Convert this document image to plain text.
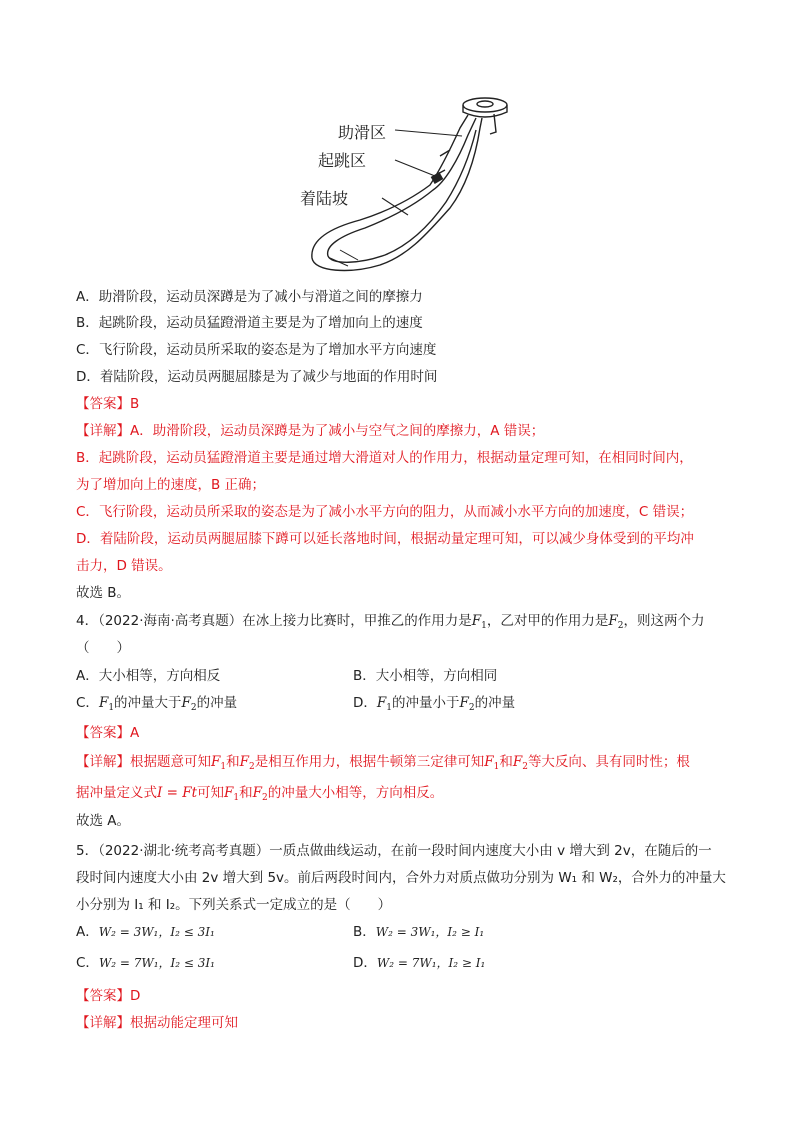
助滑区
起跳区
着陆坡
A．助滑阶段，运动员深蹲是为了减小与滑道之间的摩擦力
B．起跳阶段，运动员猛蹬滑道主要是为了增加向上的速度
C．飞行阶段，运动员所采取的姿态是为了增加水平方向速度
D．着陆阶段，运动员两腿屈膝是为了减少与地面的作用时间
【答案】B
【详解】A．助滑阶段，运动员深蹲是为了减小与空气之间的摩擦力，A 错误；
B．起跳阶段，运动员猛蹬滑道主要是通过增大滑道对人的作用力，根据动量定理可知，在相同时间内，
为了增加向上的速度，B 正确；
C．飞行阶段，运动员所采取的姿态是为了减小水平方向的阻力，从而减小水平方向的加速度，C 错误；
D．着陆阶段，运动员两腿屈膝下蹲可以延长落地时间，根据动量定理可知，可以减少身体受到的平均冲
击力，D 错误。
故选 B。
4．（2022·海南·高考真题）在冰上接力比赛时，甲推乙的作用力是$F_1$，乙对甲的作用力是$F_2$，则这两个力
（　　）
A．大小相等，方向相反	B．大小相等，方向相同
C．$F_1$的冲量大于$F_2$的冲量	D．$F_1$的冲量小于$F_2$的冲量
【答案】A
【详解】根据题意可知$F_1$和$F_2$是相互作用力，根据牛顿第三定律可知$F_1$和$F_2$等大反向、具有同时性；根
据冲量定义式I = Ft可知$F_1$和$F_2$的冲量大小相等，方向相反。
故选 A。
5．（2022·湖北·统考高考真题）一质点做曲线运动，在前一段时间内速度大小由 v 增大到 2v，在随后的一
段时间内速度大小由 2v 增大到 5v。前后两段时间内，合外力对质点做功分别为 W₁ 和 W₂，合外力的冲量大
小分别为 I₁ 和 I₂。下列关系式一定成立的是（　　）
A．W₂ = 3W₁，I₂ ≤ 3I₁	B．W₂ = 3W₁，I₂ ≥ I₁
C．W₂ = 7W₁，I₂ ≤ 3I₁	D．W₂ = 7W₁，I₂ ≥ I₁
【答案】D
【详解】根据动能定理可知
